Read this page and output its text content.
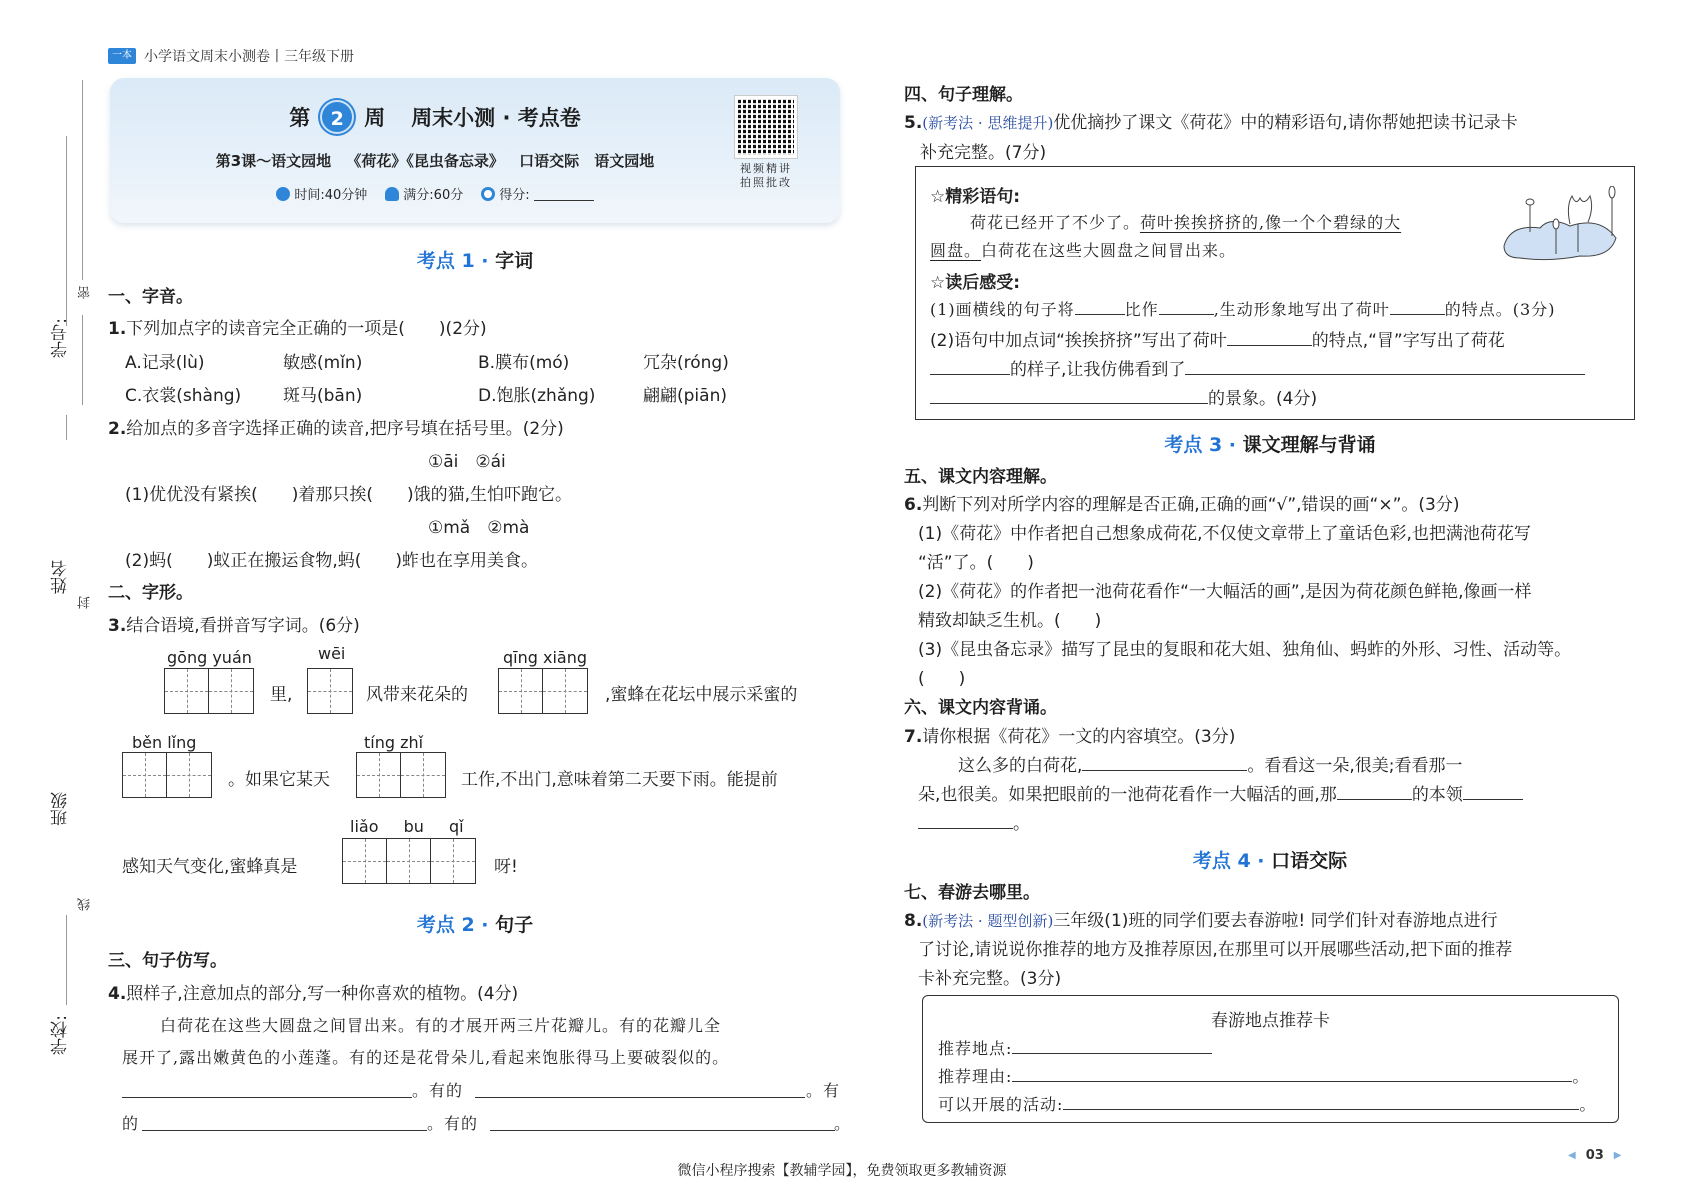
密
学号:
姓名
封
班级
线
学校:
一本 小学语文周末小测卷丨三年级下册
第	2 周 周末小测 · 考点卷
第3课～语文园地 《荷花》《昆虫备忘录》 口语交际 语文园地
时间:40分钟	满分:60分	得分:
视频精讲
拍照批改
考点 1 · 字词
一、字音。
1.下列加点字的读音完全正确的一项是(　　)(2分)
A.记录(lù)	敏感(mǐn)	B.膜布(mó)	冗杂(róng)
C.衣裳(shàng) 斑马(bān)	D.饱胀(zhǎng)	翩翩(piān)
2.给加点的多音字选择正确的读音,把序号填在括号里。(2分)
①āi　②ái
(1)优优没有紧挨(　　)着那只挨(　　)饿的猫,生怕吓跑它。
①mǎ　②mà
(2)蚂(　　)蚁正在搬运食物,蚂(　　)蚱也在享用美食。
二、字形。
3.结合语境,看拼音写字词。(6分)
gōng yuán
里,
wēi
风带来花朵的
qīng xiāng
,蜜蜂在花坛中展示采蜜的
běn lǐng
。如果它某天
tíng zhǐ
工作,不出门,意味着第二天要下雨。能提前
liǎo bu qǐ
感知天气变化,蜜蜂真是	呀!
考点 2 · 句子
三、句子仿写。
4.照样子,注意加点的部分,写一种你喜欢的植物。(4分)
白荷花在这些大圆盘之间冒出来。有的才展开两三片花瓣儿。有的花瓣儿全
展开了,露出嫩黄色的小莲蓬。有的还是花骨朵儿,看起来饱胀得马上要破裂似的。
。有的	。有
的	。有的	。
四、句子理解。
5.(新考法 · 思维提升)优优摘抄了课文《荷花》中的精彩语句,请你帮她把读书记录卡
补充完整。(7分)
☆精彩语句:
荷花已经开了不少了。荷叶挨挨挤挤的,像一个个碧绿的大
圆盘。白荷花在这些大圆盘之间冒出来。
☆读后感受:
(1)画横线的句子将	比作	,生动形象地写出了荷叶	的特点。(3分)
(2)语句中加点词“挨挨挤挤”写出了荷叶	的特点,“冒”字写出了荷花
的样子,让我仿佛看到了
的景象。(4分)
考点 3 · 课文理解与背诵
五、课文内容理解。
6.判断下列对所学内容的理解是否正确,正确的画“√”,错误的画“×”。(3分)
(1)《荷花》中作者把自己想象成荷花,不仅使文章带上了童话色彩,也把满池荷花写
“活”了。(　　)
(2)《荷花》的作者把一池荷花看作“一大幅活的画”,是因为荷花颜色鲜艳,像画一样
精致却缺乏生机。(　　)
(3)《昆虫备忘录》描写了昆虫的复眼和花大姐、独角仙、蚂蚱的外形、习性、活动等。
(　　)
六、课文内容背诵。
7.请你根据《荷花》一文的内容填空。(3分)
这么多的白荷花,	。看看这一朵,很美;看看那一
朵,也很美。如果把眼前的一池荷花看作一大幅活的画,那	的本领
。
考点 4 · 口语交际
七、春游去哪里。
8.(新考法 · 题型创新)三年级(1)班的同学们要去春游啦! 同学们针对春游地点进行
了讨论,请说说你推荐的地方及推荐原因,在那里可以开展哪些活动,把下面的推荐
卡补充完整。(3分)
春游地点推荐卡
推荐地点:
推荐理由:	。
可以开展的活动:	。
◀ 03 ▶
微信小程序搜索【教辅学园】，免费领取更多教辅资源
